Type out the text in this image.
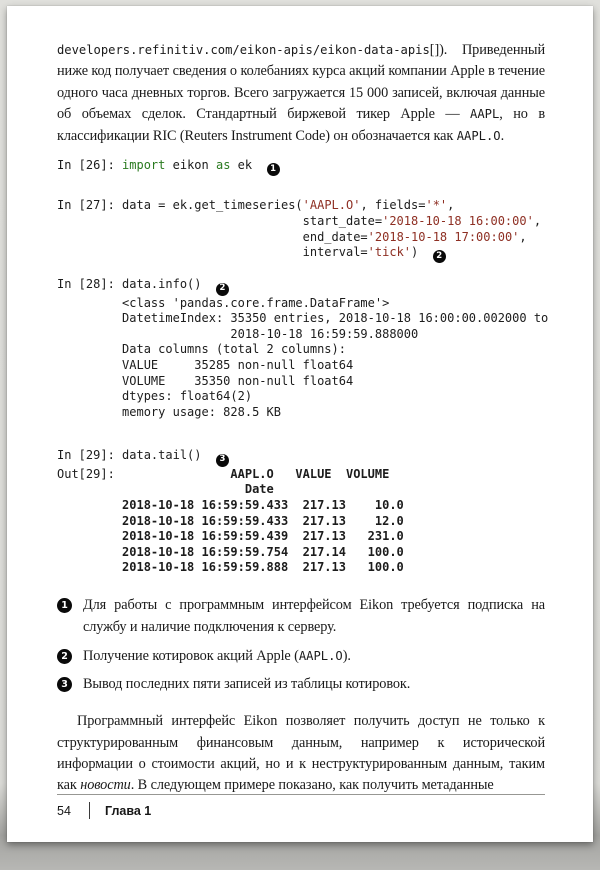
developers.refinitiv.com/eikon-apis/eikon-data-apis[]). Приведенный ниже код получает сведения о колебаниях курса акций компании Apple в течение одного часа дневных торгов. Всего загружается 15 000 записей, включая данные об объемах сделок. Стандартный биржевой тикер Apple — AAPL, но в классификации RIC (Reuters Instrument Code) он обозначается как AAPL.O.

In [26]: import eikon as ek  1
In [27]: data = ek.get_timeseries('AAPL.O', fields='*',
start_date='2018-10-18 16:00:00',
end_date='2018-10-18 17:00:00',
interval='tick')  2
In [28]: data.info()  2
<class 'pandas.core.frame.DataFrame'>
DatetimeIndex: 35350 entries, 2018-10-18 16:00:00.002000 to
2018-10-18 16:59:59.888000
Data columns (total 2 columns):
VALUE     35285 non-null float64
VOLUME    35350 non-null float64
dtypes: float64(2)
memory usage: 828.5 KB
In [29]: data.tail()  3
Out[29]:                AAPL.O   VALUE  VOLUME
Date
2018-10-18 16:59:59.433  217.13    10.0
2018-10-18 16:59:59.433  217.13    12.0
2018-10-18 16:59:59.439  217.13   231.0
2018-10-18 16:59:59.754  217.14   100.0
2018-10-18 16:59:59.888  217.13   100.0
1 Для работы с программным интерфейсом Eikon требуется подписка на службу и наличие подключения к серверу.
2 Получение котировок акций Apple (AAPL.O).
3 Вывод последних пяти записей из таблицы котировок.

Программный интерфейс Eikon позволяет получить доступ не только к структурированным финансовым данным, например к исторической информации о стоимости акций, но и к неструктурированным данным, таким как новости. В следующем примере показано, как получить метаданные

54	Глава 1
